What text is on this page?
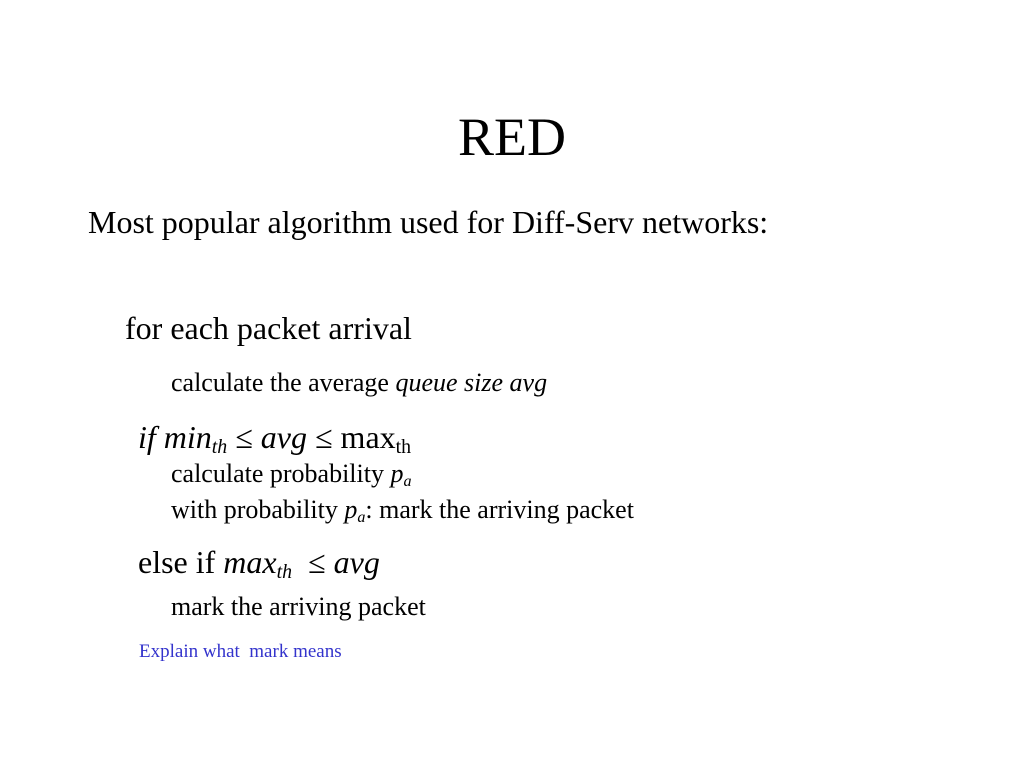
RED
Most popular algorithm used for Diff-Serv networks:
for each packet arrival
calculate the average queue size avg
if $\min_{th}$ ≤ avg ≤ $\max_{th}$
calculate probability $p_a$
with probability $p_a$: mark the arriving packet
else if $\max_{th}$  ≤ avg
mark the arriving packet
Explain what  mark means
